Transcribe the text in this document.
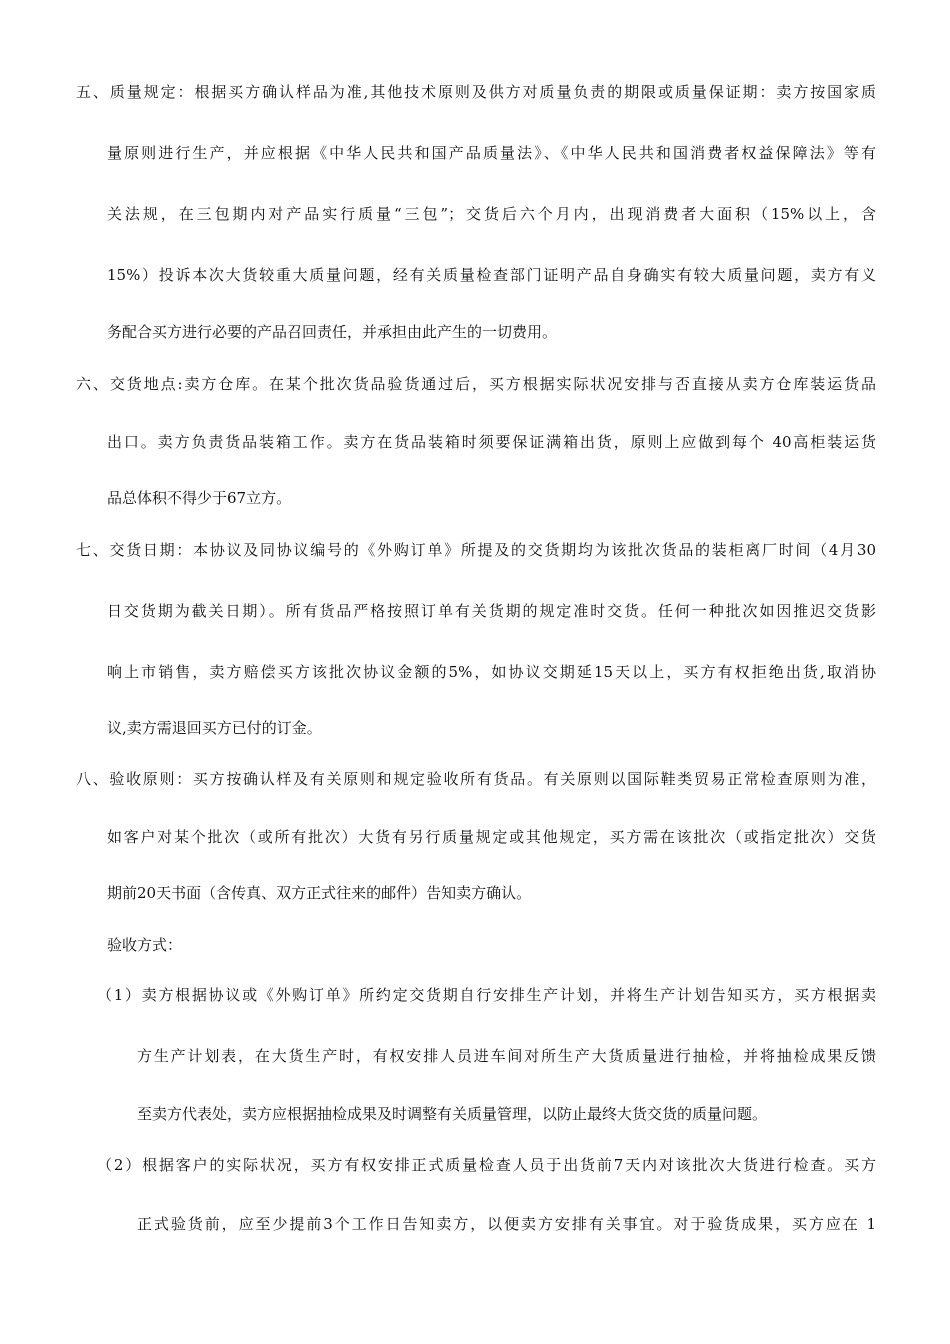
五、质量规定：根据买方确认样品为准,其他技术原则及供方对质量负责的期限或质量保证期：卖方按国家质
量原则进行生产，并应根据《中华人民共和国产品质量法》、《中华人民共和国消费者权益保障法》等有
关法规，在三包期内对产品实行质量“三包”；交货后六个月内，出现消费者大面积（15%以上，含
15%）投诉本次大货较重大质量问题，经有关质量检查部门证明产品自身确实有较大质量问题，卖方有义
务配合买方进行必要的产品召回责任，并承担由此产生的一切费用。
六、交货地点:卖方仓库。在某个批次货品验货通过后，买方根据实际状况安排与否直接从卖方仓库装运货品
出口。卖方负责货品装箱工作。卖方在货品装箱时须要保证满箱出货，原则上应做到每个 40高柜装运货
品总体积不得少于67立方。
七、交货日期：本协议及同协议编号的《外购订单》所提及的交货期均为该批次货品的装柜离厂时间（4月30
日交货期为截关日期）。所有货品严格按照订单有关货期的规定准时交货。任何一种批次如因推迟交货影
响上市销售，卖方赔偿买方该批次协议金额的5%，如协议交期延15天以上，买方有权拒绝出货,取消协
议,卖方需退回买方已付的订金。
八、验收原则：买方按确认样及有关原则和规定验收所有货品。有关原则以国际鞋类贸易正常检查原则为准，
如客户对某个批次（或所有批次）大货有另行质量规定或其他规定，买方需在该批次（或指定批次）交货
期前20天书面（含传真、双方正式往来的邮件）告知卖方确认。
验收方式：
（1）卖方根据协议或《外购订单》所约定交货期自行安排生产计划，并将生产计划告知买方，买方根据卖
方生产计划表，在大货生产时，有权安排人员进车间对所生产大货质量进行抽检，并将抽检成果反馈
至卖方代表处，卖方应根据抽检成果及时调整有关质量管理，以防止最终大货交货的质量问题。
（2）根据客户的实际状况，买方有权安排正式质量检查人员于出货前7天内对该批次大货进行检查。买方
正式验货前，应至少提前3个工作日告知卖方，以便卖方安排有关事宜。对于验货成果，买方应在 1
